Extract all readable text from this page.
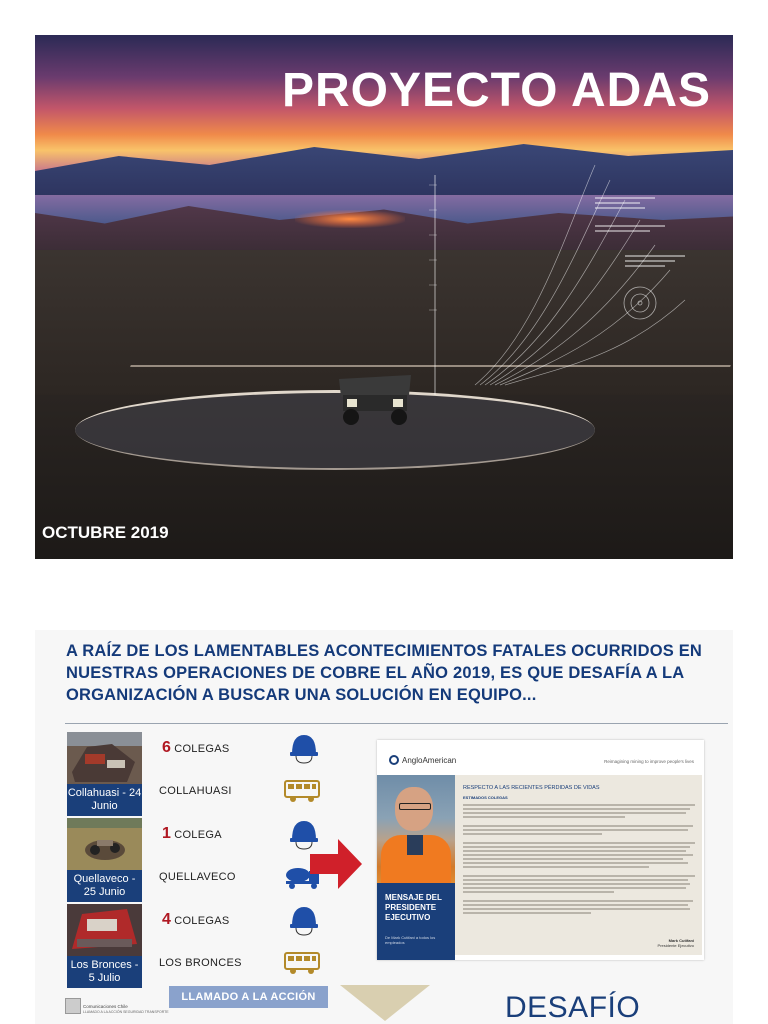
PROYECTO ADAS

OCTUBRE 2019

A RAÍZ DE LOS LAMENTABLES ACONTECIMIENTOS FATALES OCURRIDOS EN NUESTRAS OPERACIONES DE COBRE EL AÑO 2019, ES QUE DESAFÍA A LA ORGANIZACIÓN A BUSCAR UNA SOLUCIÓN EN EQUIPO...

Collahuasi - 24 Junio
6 COLEGAS
COLLAHUASI
Quellaveco - 25 Junio
1 COLEGA
QUELLAVECO
Los Bronces - 5 Julio
4 COLEGAS
LOS BRONCES
AngloAmerican	Reimagining mining to improve people's lives
MENSAJE DEL PRESIDENTE EJECUTIVO
De Mark Cutifani a todos los empleados
RESPECTO A LAS RECIENTES PÉRDIDAS DE VIDAS
ESTIMADOS COLEGAS
Mark Cutifani
Presidente Ejecutivo
Comunicaciones Chile
LLAMADO A LA ACCIÓN SEGURIDAD TRANSPORTE
LLAMADO A LA ACCIÓN	DESAFÍO
